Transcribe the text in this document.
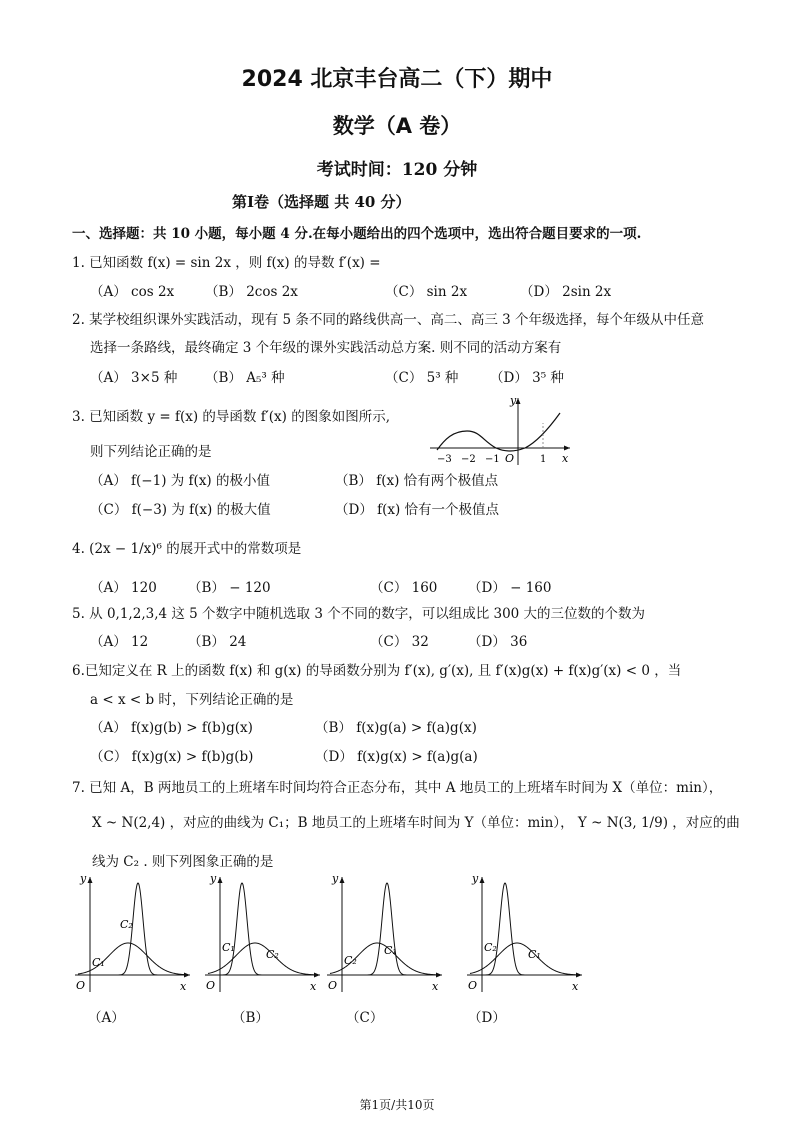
2024 北京丰台高二（下）期中
数学（A 卷）
考试时间：120 分钟
第Ⅰ卷（选择题 共 40 分）
一、选择题：共 10 小题，每小题 4 分.在每小题给出的四个选项中，选出符合题目要求的一项.
1. 已知函数 f(x) = sin 2x ，则 f(x) 的导数 f′(x) =
（A） cos 2x （B） 2cos 2x	（C） sin 2x	（D） 2sin 2x
2. 某学校组织课外实践活动，现有 5 条不同的路线供高一、高二、高三 3 个年级选择，每个年级从中任意
选择一条路线，最终确定 3 个年级的课外实践活动总方案. 则不同的活动方案有
（A） 3×5 种 （B） A₅³ 种	（C） 5³ 种 （D） 3⁵ 种
3. 已知函数 y = f(x) 的导函数 f′(x) 的图象如图所示,
则下列结论正确的是
（A） f(−1) 为 f(x) 的极小值	（B） f(x) 恰有两个极值点
（C） f(−3) 为 f(x) 的极大值	（D） f(x) 恰有一个极值点
y
x
O
−3 −2 −1	1
4. (2x − 1/x)⁶ 的展开式中的常数项是
（A） 120 （B） − 120	（C） 160 （D） − 160
5. 从 0,1,2,3,4 这 5 个数字中随机选取 3 个不同的数字，可以组成比 300 大的三位数的个数为
（A） 12	（B） 24	（C） 32	（D） 36
6.已知定义在 R 上的函数 f(x) 和 g(x) 的导函数分别为 f′(x), g′(x), 且 f′(x)g(x) + f(x)g′(x) < 0 ，当
a < x < b 时，下列结论正确的是
（A） f(x)g(b) > f(b)g(x)	（B） f(x)g(a) > f(a)g(x)
（C） f(x)g(x) > f(b)g(b)	（D） f(x)g(x) > f(a)g(a)
7. 已知 A，B 两地员工的上班堵车时间均符合正态分布，其中 A 地员工的上班堵车时间为 X（单位：min），
X ~ N(2,4) ，对应的曲线为 C₁；B 地员工的上班堵车时间为 Y（单位：min）， Y ~ N(3, 1/9) ，对应的曲
线为 C₂ . 则下列图象正确的是
y
x
O
C₁
C₂
y
x
O
C₁
C₂
y
x
O
C₂
C₁
y
x
O
C₂
C₁
（A）	（B）	（C）	（D）
第1页/共10页
